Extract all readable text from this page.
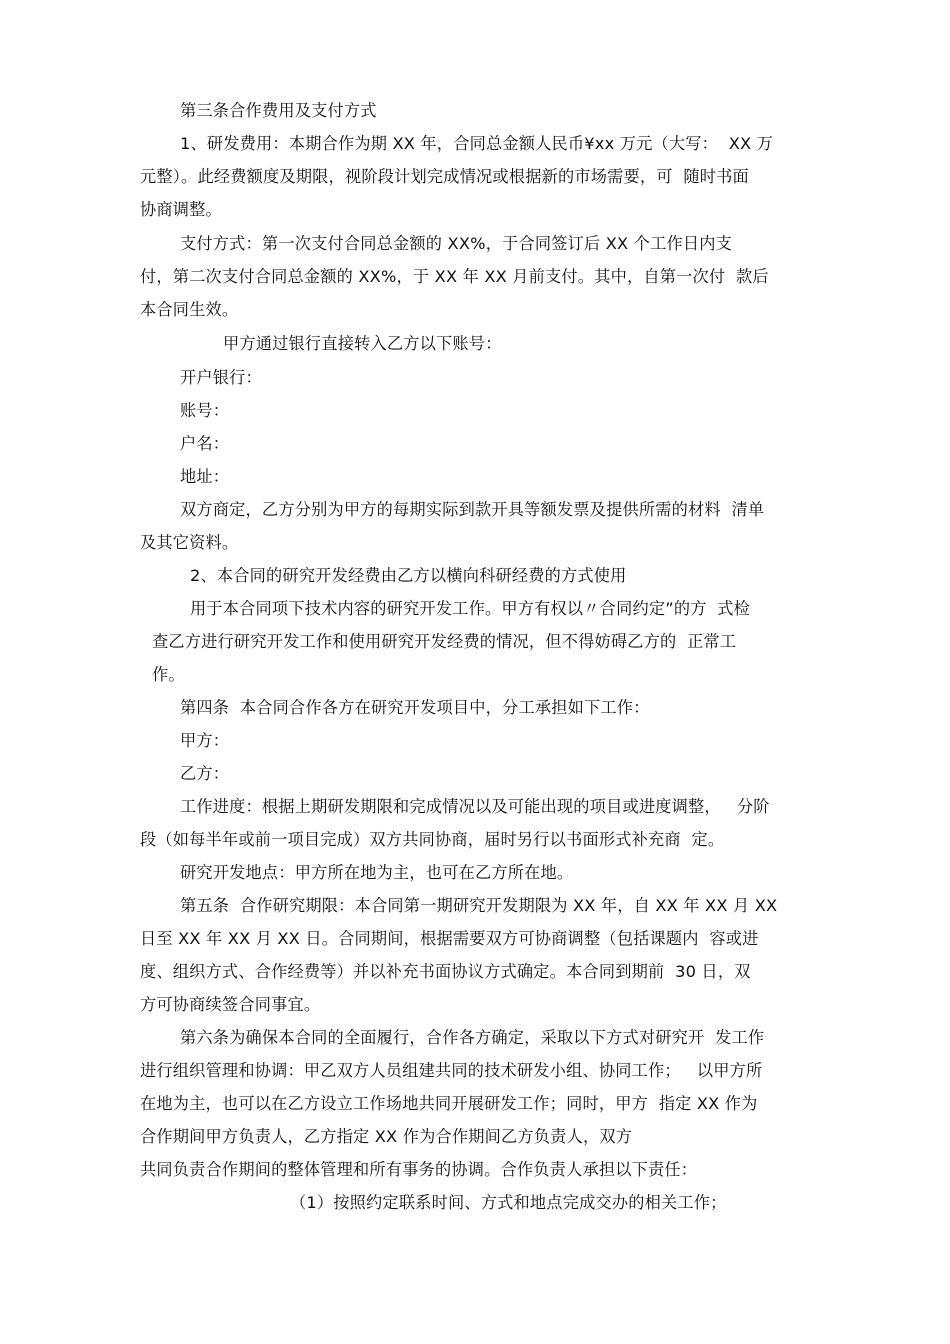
第三条合作费用及支付方式
1、研发费用：本期合作为期 XX 年，合同总金额人民币¥xx 万元（大写：  XX 万
元整）。此经费额度及期限，视阶段计划完成情况或根据新的市场需要，可  随时书面
协商调整。
支付方式：第一次支付合同总金额的 XX%，于合同签订后 XX 个工作日内支
付，第二次支付合同总金额的 XX%，于 XX 年 XX 月前支付。其中，自第一次付  款后
本合同生效。
甲方通过银行直接转入乙方以下账号：
开户银行：
账号：
户名：
地址：
双方商定，乙方分别为甲方的每期实际到款开具等额发票及提供所需的材料  清单
及其它资料。
2、本合同的研究开发经费由乙方以横向科研经费的方式使用
用于本合同项下技术内容的研究开发工作。甲方有权以〃合同约定”的方  式检
查乙方进行研究开发工作和使用研究开发经费的情况，但不得妨碍乙方的  正常工
作。
第四条  本合同合作各方在研究开发项目中，分工承担如下工作：
甲方：
乙方：
工作进度：根据上期研发期限和完成情况以及可能出现的项目或进度调整，   分阶
段（如每半年或前一项目完成）双方共同协商，届时另行以书面形式补充商  定。
研究开发地点：甲方所在地为主，也可在乙方所在地。
第五条  合作研究期限：本合同第一期研究开发期限为 XX 年，自 XX 年 XX 月 XX
日至 XX 年 XX 月 XX 日。合同期间，根据需要双方可协商调整（包括课题内  容或进
度、组织方式、合作经费等）并以补充书面协议方式确定。本合同到期前  30 日，双
方可协商续签合同事宜。
第六条为确保本合同的全面履行，合作各方确定，采取以下方式对研究开  发工作
进行组织管理和协调：甲乙双方人员组建共同的技术研发小组、协同工作；   以甲方所
在地为主，也可以在乙方设立工作场地共同开展研发工作；同时，甲方  指定 XX 作为
合作期间甲方负责人，乙方指定 XX 作为合作期间乙方负责人，双方
共同负责合作期间的整体管理和所有事务的协调。合作负责人承担以下责任：
（1）按照约定联系时间、方式和地点完成交办的相关工作；
